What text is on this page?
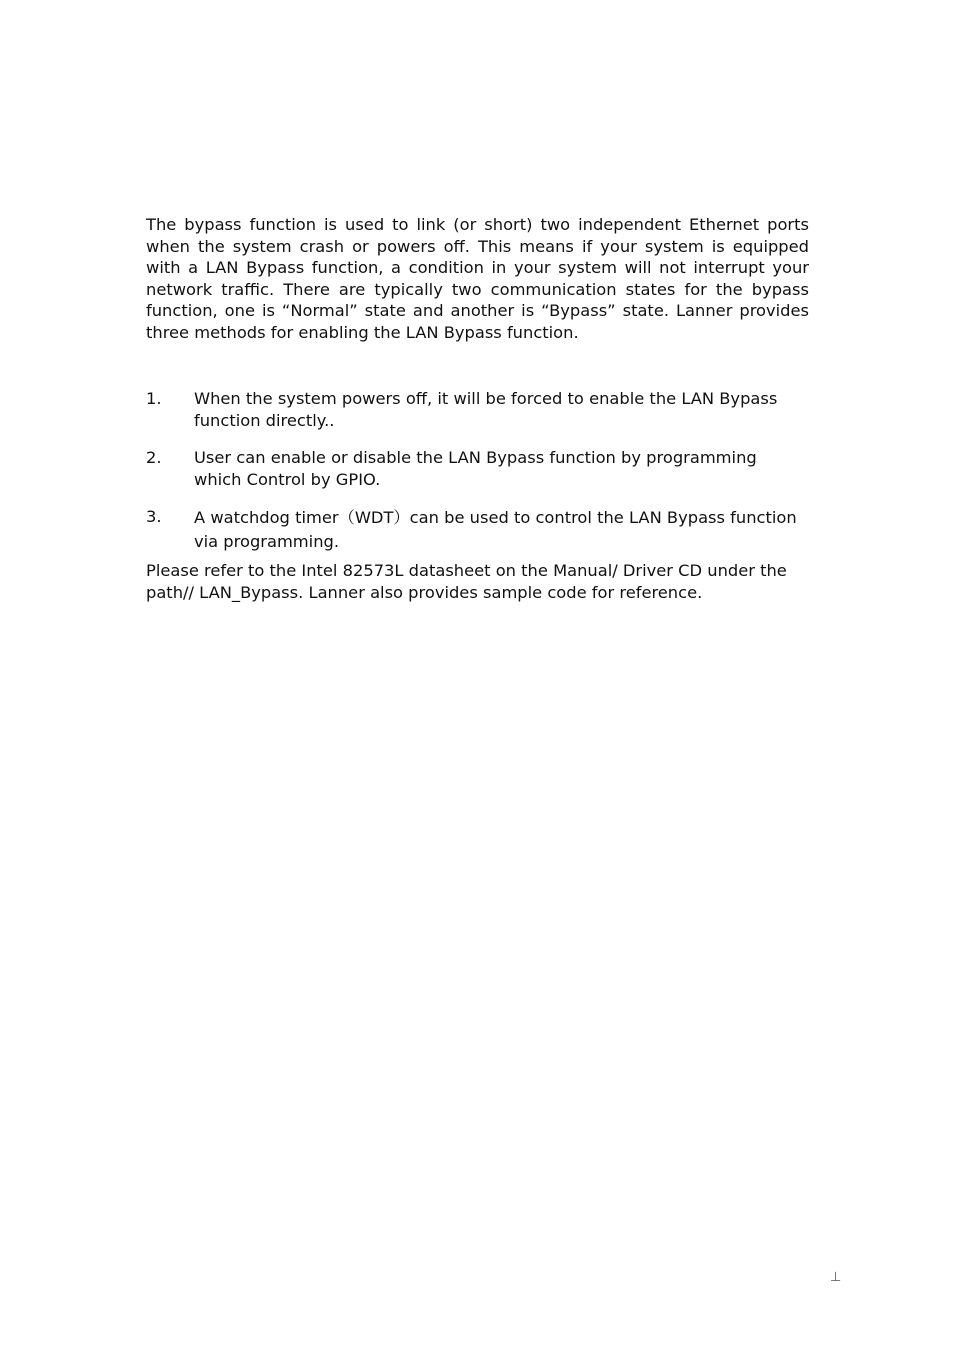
The bypass function is used to link (or short) two independent Ethernet ports when the system crash or powers off. This means if your system is equipped with a LAN Bypass function, a condition in your system will not interrupt your network traffic. There are typically two communication states for the bypass function, one is “Normal” state and another is “Bypass” state. Lanner provides three methods for enabling the LAN Bypass function.

1.	When the system powers off, it will be forced to enable the LAN Bypass function directly..
2.	User can enable or disable the LAN Bypass function by programming which Control by GPIO.
3.	A watchdog timer（WDT）can be used to control the LAN Bypass function via programming.

Please refer to the Intel 82573L datasheet on the Manual/ Driver CD under the path// LAN_Bypass. Lanner also provides sample code for reference.

⊥
